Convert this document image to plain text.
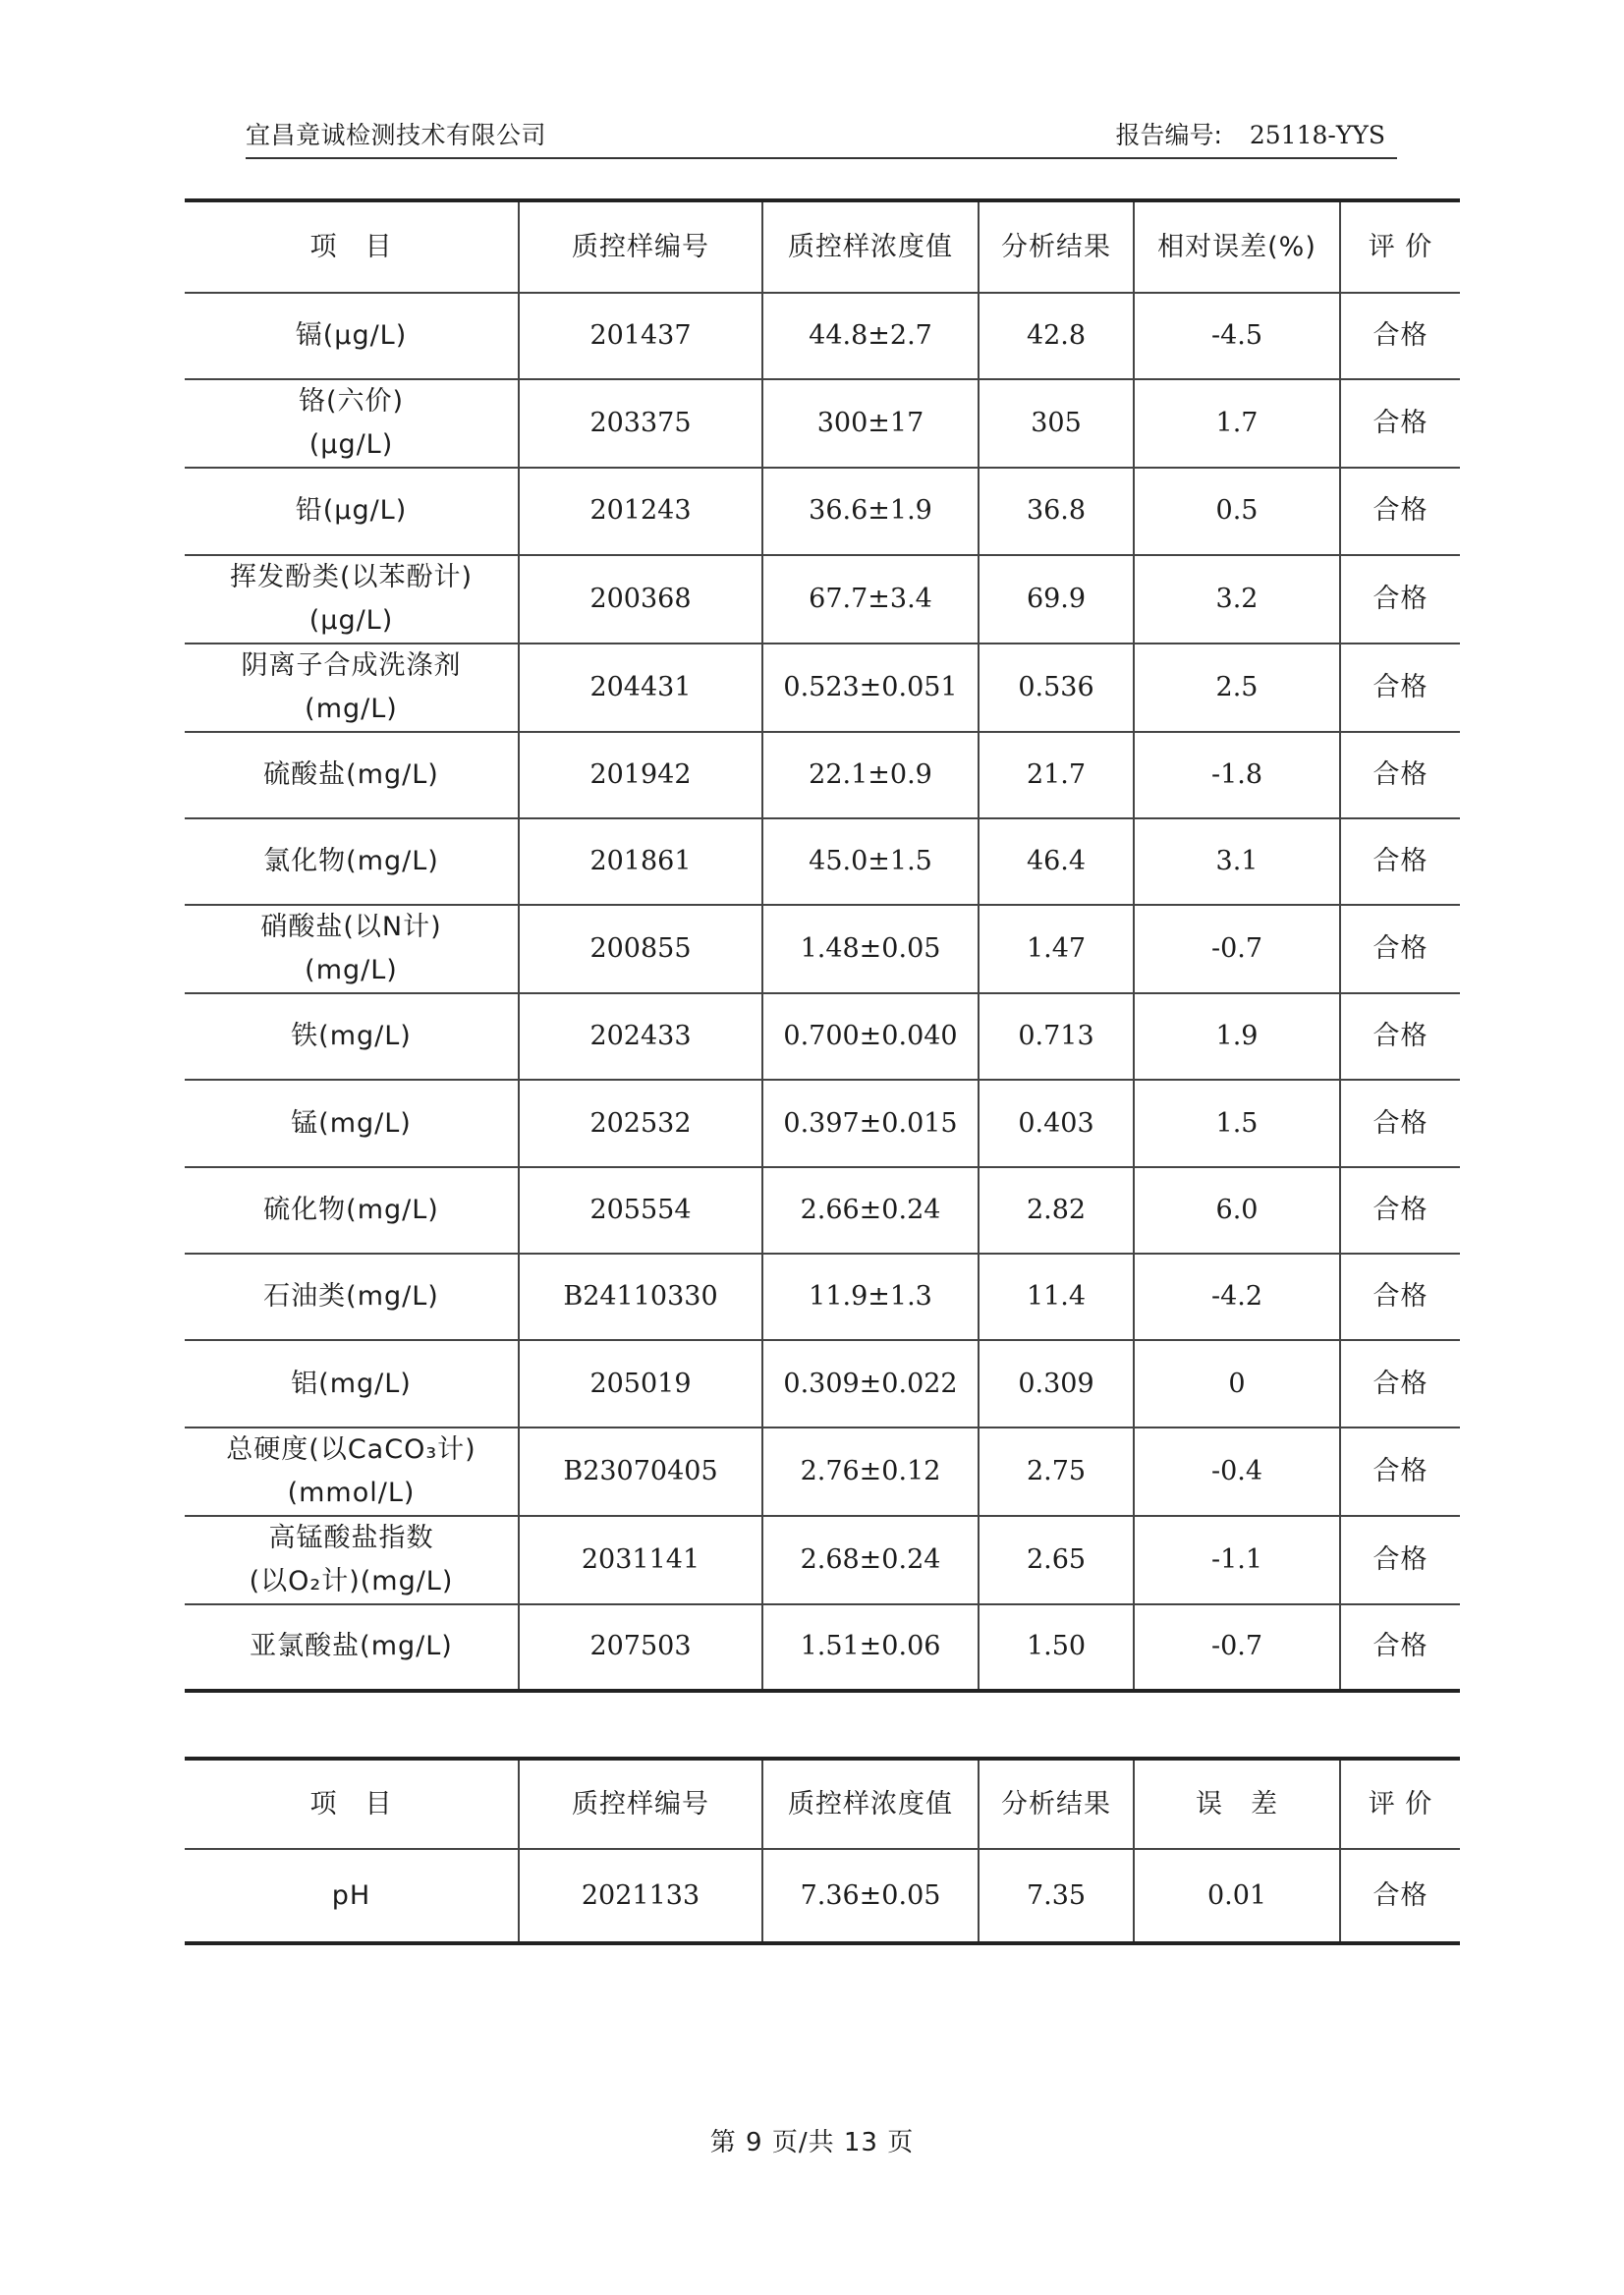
宜昌竟诚检测技术有限公司	报告编号: 25118-YYS
项　目	质控样编号	质控样浓度值	分析结果	相对误差(%)	评 价

镉(μg/L)	201437	44.8±2.7	42.8	-4.5	合格

铬(六价)
(μg/L)	203375	300±17	305	1.7	合格

铅(μg/L)	201243	36.6±1.9	36.8	0.5	合格

挥发酚类(以苯酚计)
(μg/L)	200368	67.7±3.4	69.9	3.2	合格

阴离子合成洗涤剂
(mg/L)	204431	0.523±0.051	0.536	2.5	合格

硫酸盐(mg/L)	201942	22.1±0.9	21.7	-1.8	合格

氯化物(mg/L)	201861	45.0±1.5	46.4	3.1	合格

硝酸盐(以N计)
(mg/L)	200855	1.48±0.05	1.47	-0.7	合格

铁(mg/L)	202433	0.700±0.040	0.713	1.9	合格

锰(mg/L)	202532	0.397±0.015	0.403	1.5	合格

硫化物(mg/L)	205554	2.66±0.24	2.82	6.0	合格

石油类(mg/L)	B24110330	11.9±1.3	11.4	-4.2	合格

铝(mg/L)	205019	0.309±0.022	0.309	0	合格

总硬度(以CaCO₃计)
(mmol/L)	B23070405	2.76±0.12	2.75	-0.4	合格

高锰酸盐指数
(以O₂计)(mg/L)	2031141	2.68±0.24	2.65	-1.1	合格

亚氯酸盐(mg/L)	207503	1.51±0.06	1.50	-0.7	合格
项　目	质控样编号	质控样浓度值	分析结果	误　差	评 价

pH	2021133	7.36±0.05	7.35	0.01	合格
第 9 页/共 13 页
